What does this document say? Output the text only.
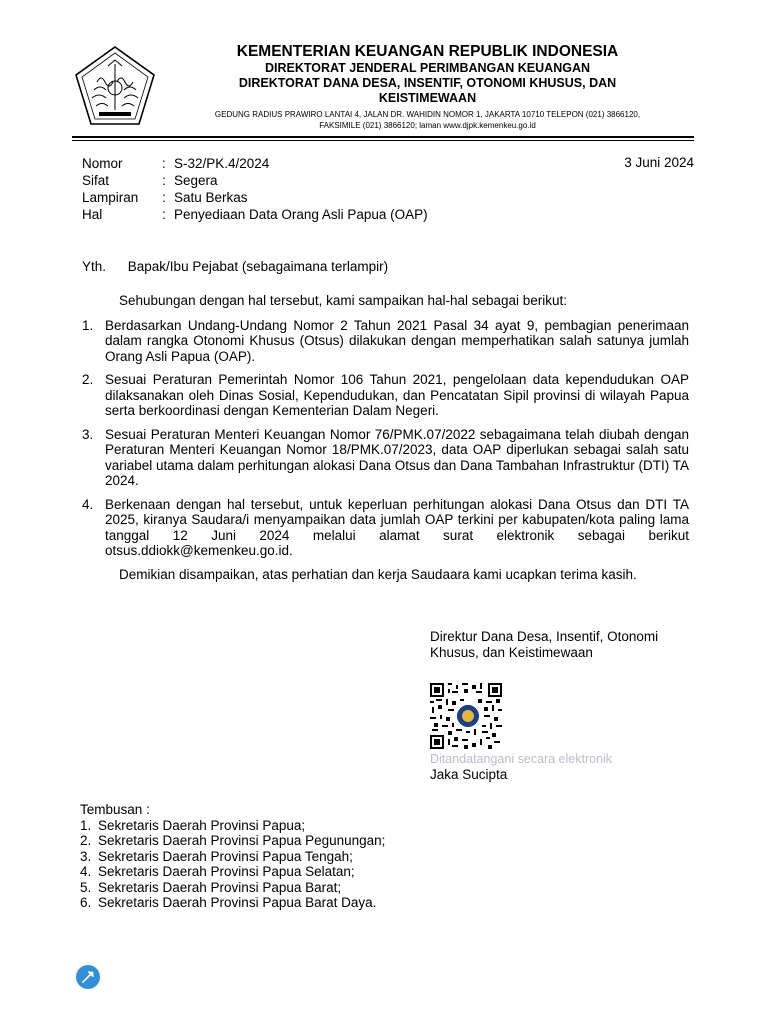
KEMENTERIAN KEUANGAN REPUBLIK INDONESIA
DIREKTORAT JENDERAL PERIMBANGAN KEUANGAN
DIREKTORAT DANA DESA, INSENTIF, OTONOMI KHUSUS, DAN
KEISTIMEWAAN
GEDUNG RADIUS PRAWIRO LANTAI 4, JALAN DR. WAHIDIN NOMOR 1, JAKARTA 10710 TELEPON (021) 3866120,
FAKSIMILE (021) 3866120; laman www.djpk.kemenkeu.go.id
Nomor	: S-32/PK.4/2024
Sifat	: Segera
Lampiran	: Satu Berkas
Hal	: Penyediaan Data Orang Asli Papua (OAP)
3 Juni 2024
Yth. Bapak/Ibu Pejabat (sebagaimana terlampir)
Sehubungan dengan hal tersebut, kami sampaikan hal-hal sebagai berikut:
1. Berdasarkan Undang-Undang Nomor 2 Tahun 2021 Pasal 34 ayat 9, pembagian penerimaan dalam rangka Otonomi Khusus (Otsus) dilakukan dengan memperhatikan salah satunya jumlah Orang Asli Papua (OAP).
2. Sesuai Peraturan Pemerintah Nomor 106 Tahun 2021, pengelolaan data kependudukan OAP dilaksanakan oleh Dinas Sosial, Kependudukan, dan Pencatatan Sipil provinsi di wilayah Papua serta berkoordinasi dengan Kementerian Dalam Negeri.
3. Sesuai Peraturan Menteri Keuangan Nomor 76/PMK.07/2022 sebagaimana telah diubah dengan Peraturan Menteri Keuangan Nomor 18/PMK.07/2023, data OAP diperlukan sebagai salah satu variabel utama dalam perhitungan alokasi Dana Otsus dan Dana Tambahan Infrastruktur (DTI) TA 2024.
4. Berkenaan dengan hal tersebut, untuk keperluan perhitungan alokasi Dana Otsus dan DTI TA 2025, kiranya Saudara/i menyampaikan data jumlah OAP terkini per kabupaten/kota paling lama tanggal 12 Juni 2024 melalui alamat surat elektronik sebagai berikut otsus.ddiokk@kemenkeu.go.id.
Demikian disampaikan, atas perhatian dan kerja Saudaara kami ucapkan terima kasih.
Direktur Dana Desa, Insentif, Otonomi
Khusus, dan Keistimewaan
Ditandatangani secara elektronik
Jaka Sucipta
Tembusan :
1. Sekretaris Daerah Provinsi Papua;
2. Sekretaris Daerah Provinsi Papua Pegunungan;
3. Sekretaris Daerah Provinsi Papua Tengah;
4. Sekretaris Daerah Provinsi Papua Selatan;
5. Sekretaris Daerah Provinsi Papua Barat;
6. Sekretaris Daerah Provinsi Papua Barat Daya.
